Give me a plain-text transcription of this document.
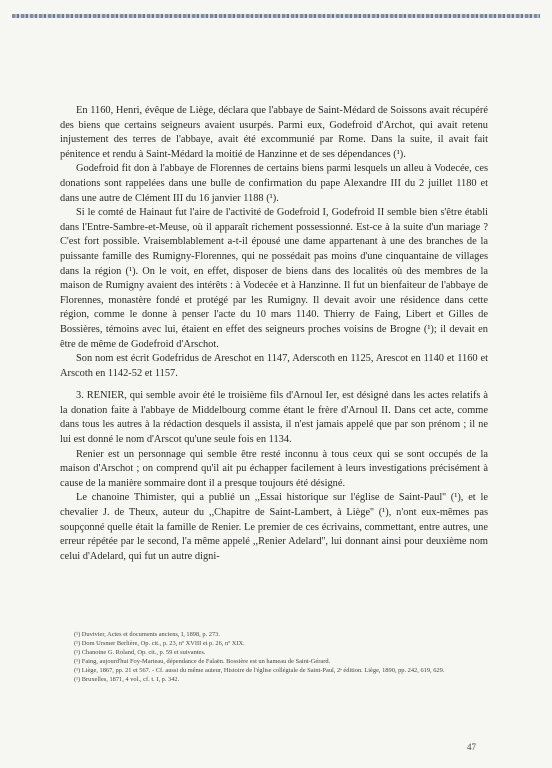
En 1160, Henri, évêque de Liège, déclara que l'abbaye de Saint-Médard de Soissons avait récupéré des biens que certains seigneurs avaient usurpés. Parmi eux, Godefroid d'Archot, qui avait retenu injustement des terres de l'abbaye, avait été excommunié par Rome. Dans la suite, il avait fait pénitence et rendu à Saint-Médard la moitié de Hanzinne et de ses dépendances (¹).

Godefroid fit don à l'abbaye de Florennes de certains biens parmi lesquels un alleu à Vodecée, ces donations sont rappelées dans une bulle de confirmation du pape Alexandre III du 2 juillet 1180 et dans une autre de Clément III du 16 janvier 1188 (¹).

Si le comté de Hainaut fut l'aire de l'activité de Godefroid I, Godefroid II semble bien s'être établi dans l'Entre-Sambre-et-Meuse, où il apparaît richement possessionné. Est-ce à la suite d'un mariage ? C'est fort possible. Vraisemblablement a-t-il épousé une dame appartenant à une des branches de la puissante famille des Rumigny-Florennes, qui ne possédait pas moins d'une cinquantaine de villages dans la région (¹). On le voit, en effet, disposer de biens dans des localités où des membres de la maison de Rumigny avaient des intérêts : à Vodecée et à Hanzinne. Il fut un bienfaiteur de l'abbaye de Florennes, monastère fondé et protégé par les Rumigny. Il devait avoir une résidence dans cette région, comme le donne à penser l'acte du 10 mars 1140. Thierry de Faing, Libert et Gilles de Bossières, témoins avec lui, étaient en effet des seigneurs proches voisins de Brogne (¹); il devait en être de même de Godefroid d'Arschot.

Son nom est écrit Godefridus de Areschot en 1147, Aderscoth en 1125, Arescot en 1140 et 1160 et Arscoth en 1142-52 et 1157.

3. RENIER, qui semble avoir été le troisième fils d'Arnoul Ier, est désigné dans les actes relatifs à la donation faite à l'abbaye de Middelbourg comme étant le frère d'Arnoul II. Dans cet acte, comme dans tous les autres à la rédaction desquels il assista, il n'est jamais appelé que par son prénom ; il ne lui est donné le nom d'Arscot qu'une seule fois en 1134.

Renier est un personnage qui semble être resté inconnu à tous ceux qui se sont occupés de la maison d'Arschot ; on comprend qu'il ait pu échapper facilement à leurs investigations précisément à cause de la manière sommaire dont il a presque toujours été désigné.

Le chanoine Thimister, qui a publié un ,,Essai historique sur l'église de Saint-Paul'' (¹), et le chevalier J. de Theux, auteur du ,,Chapitre de Saint-Lambert, à Liège'' (¹), n'ont eux-mêmes pas soupçonné quelle était la famille de Renier. Le premier de ces écrivains, commettant, entre autres, une erreur répétée par le second, l'a même appelé ,,Renier Adelard'', lui donnant ainsi pour deuxième nom celui d'Adelard, qui fut un autre digni-

(¹) Duvivier, Actes et documents anciens, I, 1898, p. 273.
(¹) Dom Ursmer Berlière, Op. cit., p. 23, nº XVIII et p. 26, nº XIX.
(¹) Chanoine G. Roland, Op. cit., p. 59 et suivantes.
(¹) Faing, aujourd'hui Foy-Marteau, dépendance de Falaën. Bossière est un hameau de Saint-Gérard.
(¹) Liège, 1867, pp. 21 et 567. - Cf. aussi du même auteur, Histoire de l'église collégiale de Saint-Paul, 2ᵉ édition. Liège, 1890, pp. 242, 619, 629.
(¹) Bruxelles, 1871, 4 vol., cf. t. I, p. 342.
47
